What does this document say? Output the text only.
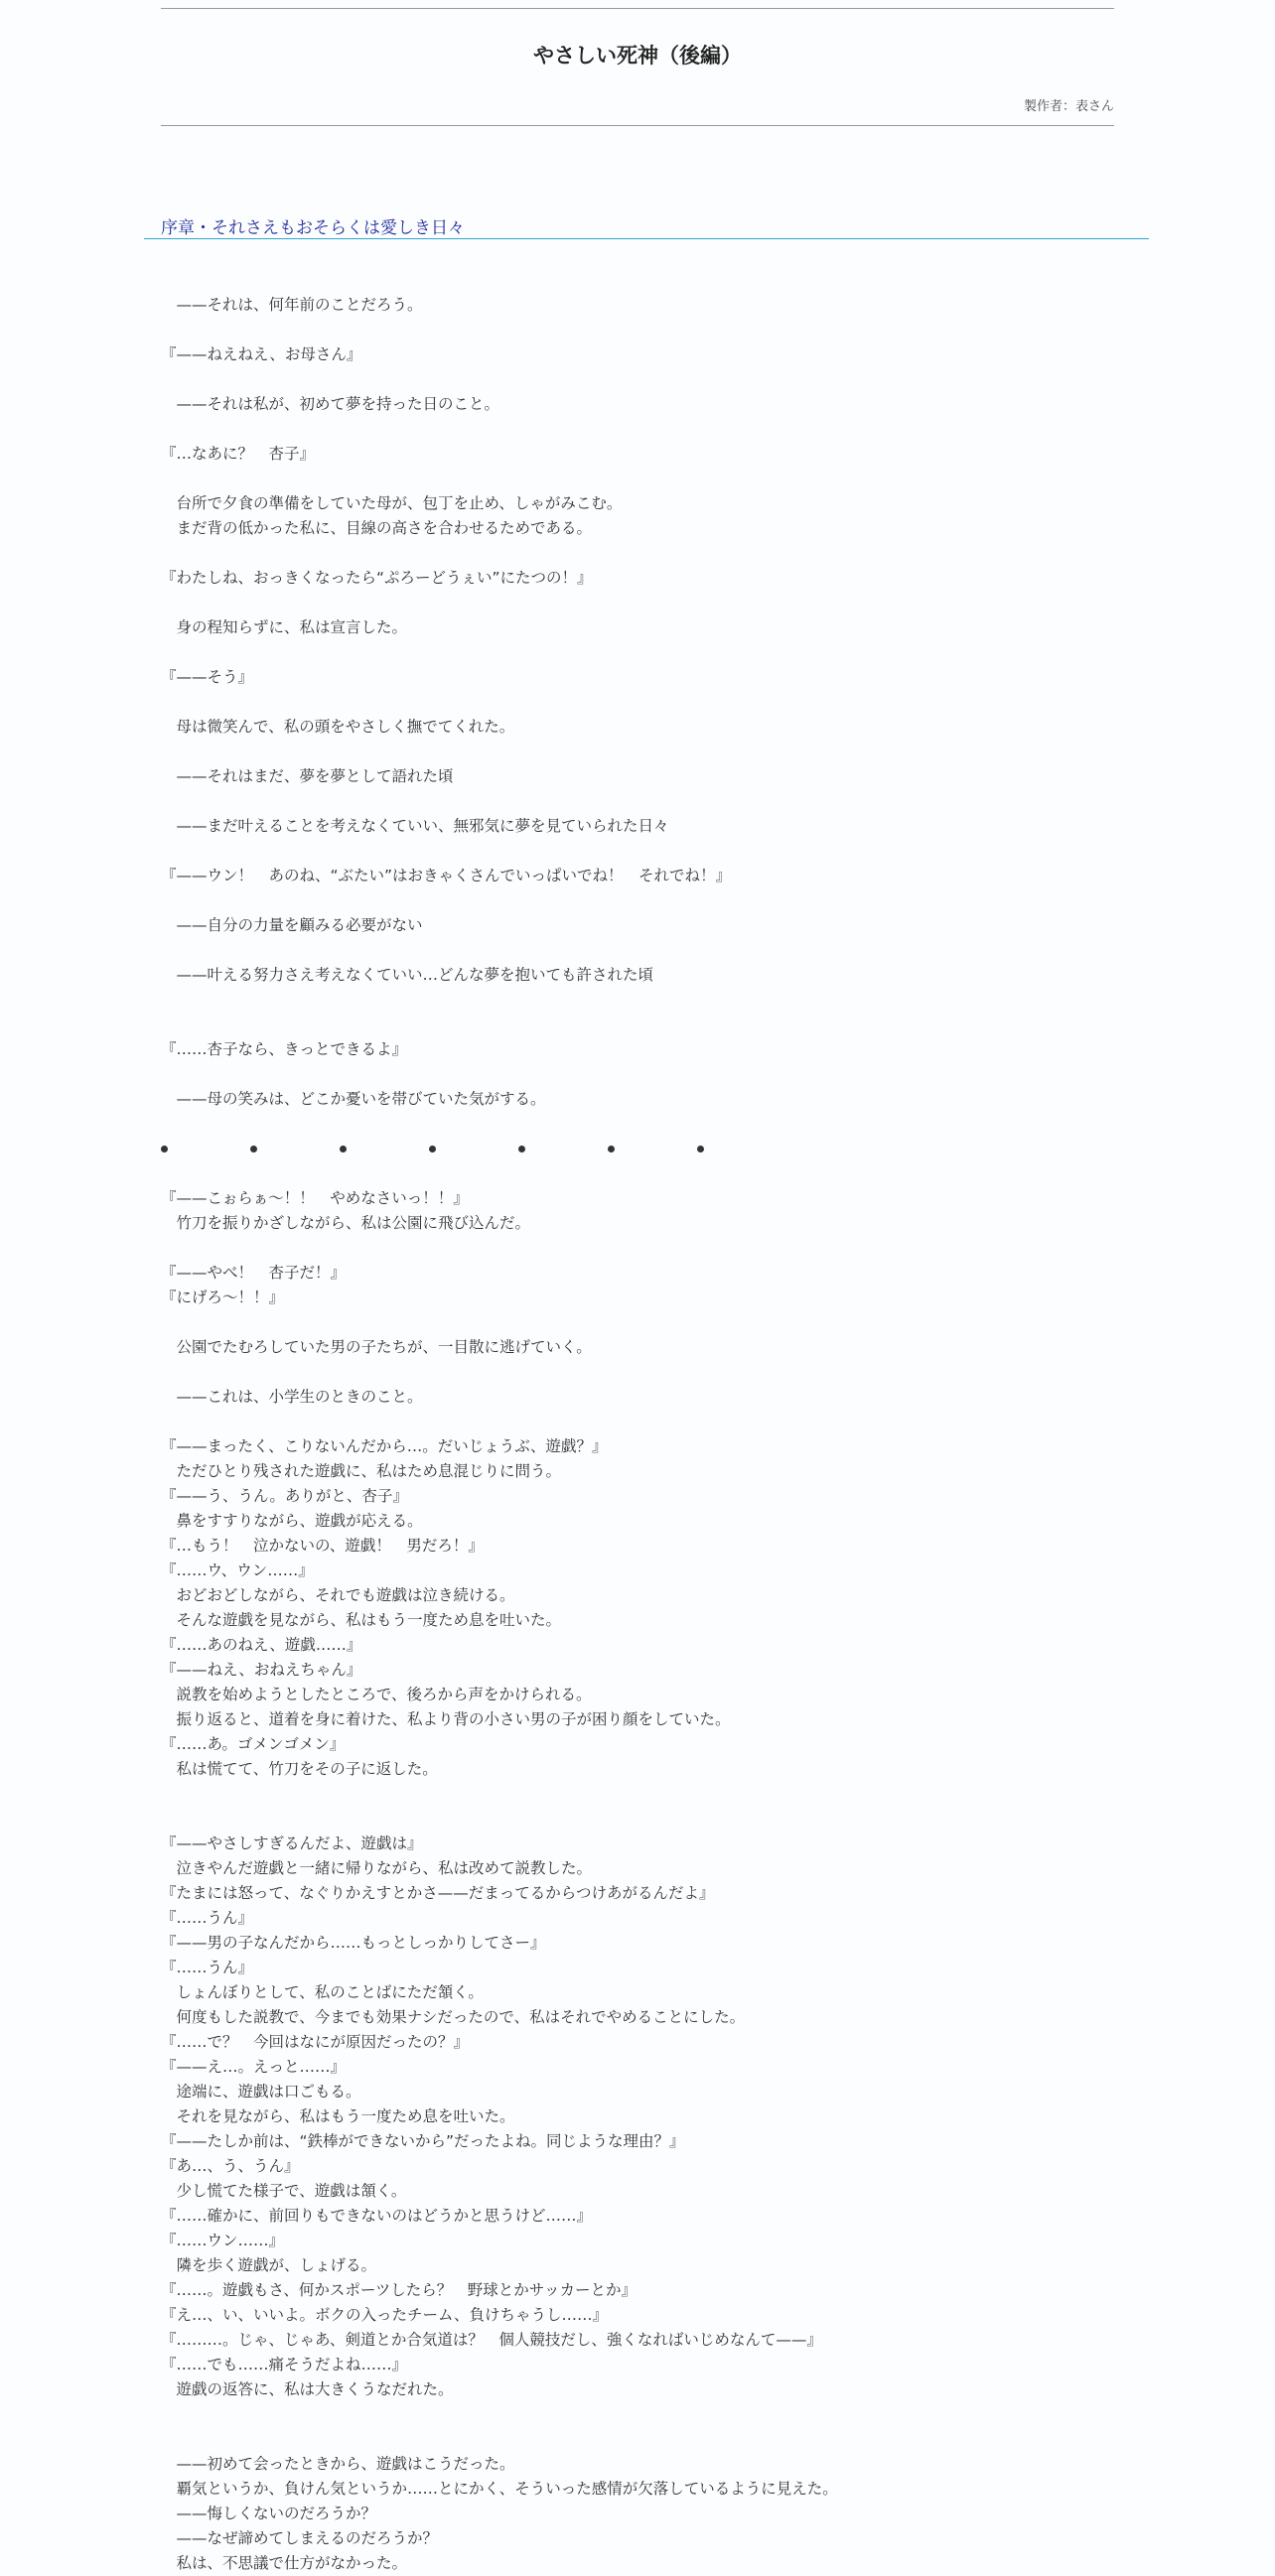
やさしい死神（後編）
製作者：表さん
序章・それさえもおそらくは愛しき日々
　——それは、何年前のことだろう。
『——ねえねえ、お母さん』
　——それは私が、初めて夢を持った日のこと。
『…なあに？　杏子』
　台所で夕食の準備をしていた母が、包丁を止め、しゃがみこむ。
　まだ背の低かった私に、目線の高さを合わせるためである。
『わたしね、おっきくなったら“ぷろーどうぇい”にたつの！』
　身の程知らずに、私は宣言した。
『——そう』
　母は微笑んで、私の頭をやさしく撫でてくれた。
　——それはまだ、夢を夢として語れた頃
　——まだ叶えることを考えなくていい、無邪気に夢を見ていられた日々
『——ウン！　あのね、“ぶたい”はおきゃくさんでいっぱいでね！　それでね！』
　——自分の力量を顧みる必要がない
　——叶える努力さえ考えなくていい…どんな夢を抱いても許された頃
『……杏子なら、きっとできるよ』
　——母の笑みは、どこか憂いを帯びていた気がする。
『——こぉらぁ～！！　やめなさいっ！！』
　竹刀を振りかざしながら、私は公園に飛び込んだ。
『——やべ！　杏子だ！』
『にげろ～！！』
　公園でたむろしていた男の子たちが、一目散に逃げていく。
　——これは、小学生のときのこと。
『——まったく、こりないんだから…。だいじょうぶ、遊戯？』
　ただひとり残された遊戯に、私はため息混じりに問う。
『——う、うん。ありがと、杏子』
　鼻をすすりながら、遊戯が応える。
『…もう！　泣かないの、遊戯！　男だろ！』
『……ウ、ウン……』
　おどおどしながら、それでも遊戯は泣き続ける。
　そんな遊戯を見ながら、私はもう一度ため息を吐いた。
『……あのねえ、遊戯……』
『——ねえ、おねえちゃん』
　説教を始めようとしたところで、後ろから声をかけられる。
　振り返ると、道着を身に着けた、私より背の小さい男の子が困り顔をしていた。
『……あ。ゴメンゴメン』
　私は慌てて、竹刀をその子に返した。
『——やさしすぎるんだよ、遊戯は』
　泣きやんだ遊戯と一緒に帰りながら、私は改めて説教した。
『たまには怒って、なぐりかえすとかさ——だまってるからつけあがるんだよ』
『……うん』
『——男の子なんだから……もっとしっかりしてさー』
『……うん』
　しょんぼりとして、私のことばにただ頷く。
　何度もした説教で、今までも効果ナシだったので、私はそれでやめることにした。
『……で？　今回はなにが原因だったの？』
『——え…。えっと……』
　途端に、遊戯は口ごもる。
　それを見ながら、私はもう一度ため息を吐いた。
『——たしか前は、“鉄棒ができないから”だったよね。同じような理由？』
『あ…、う、うん』
　少し慌てた様子で、遊戯は頷く。
『……確かに、前回りもできないのはどうかと思うけど……』
『……ウン……』
　隣を歩く遊戯が、しょげる。
『……。遊戯もさ、何かスポーツしたら？　野球とかサッカーとか』
『え…、い、いいよ。ボクの入ったチーム、負けちゃうし……』
『………。じゃ、じゃあ、剣道とか合気道は？　個人競技だし、強くなればいじめなんて——』
『……でも……痛そうだよね……』
　遊戯の返答に、私は大きくうなだれた。
　——初めて会ったときから、遊戯はこうだった。
　覇気というか、負けん気というか……とにかく、そういった感情が欠落しているように見えた。
　——悔しくないのだろうか？
　——なぜ諦めてしまえるのだろうか？
　私は、不思議で仕方がなかった。
